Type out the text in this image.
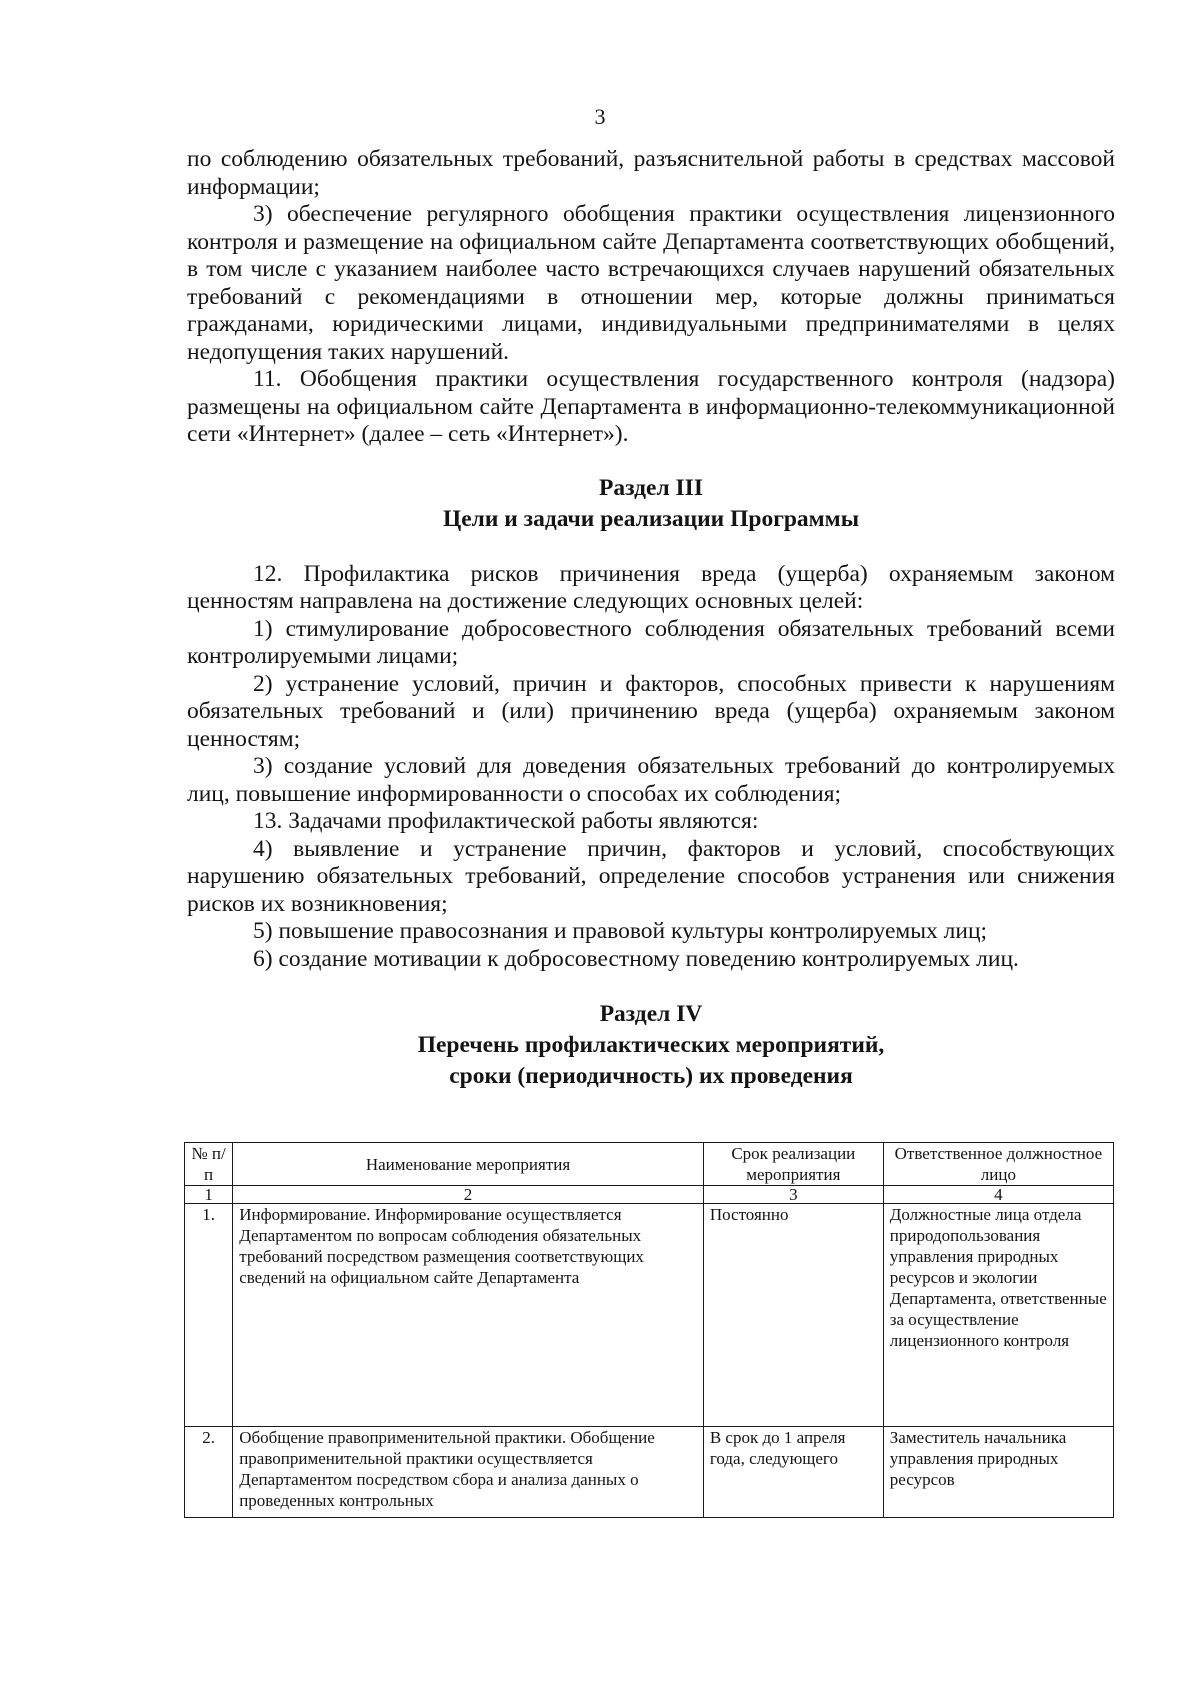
3

по соблюдению обязательных требований, разъяснительной работы в средствах массовой информации;

3) обеспечение регулярного обобщения практики осуществления лицензионного контроля и размещение на официальном сайте Департамента соответствующих обобщений, в том числе с указанием наиболее часто встречающихся случаев нарушений обязательных требований с рекомендациями в отношении мер, которые должны приниматься гражданами, юридическими лицами, индивидуальными предпринимателями в целях недопущения таких нарушений.

11. Обобщения практики осуществления государственного контроля (надзора) размещены на официальном сайте Департамента в информационно-телекоммуникационной сети «Интернет» (далее – сеть «Интернет»).

Раздел III
Цели и задачи реализации Программы

12. Профилактика рисков причинения вреда (ущерба) охраняемым законом ценностям направлена на достижение следующих основных целей:

1) стимулирование добросовестного соблюдения обязательных требований всеми контролируемыми лицами;

2) устранение условий, причин и факторов, способных привести к нарушениям обязательных требований и (или) причинению вреда (ущерба) охраняемым законом ценностям;

3) создание условий для доведения обязательных требований до контролируемых лиц, повышение информированности о способах их соблюдения;

13. Задачами профилактической работы являются:

4) выявление и устранение причин, факторов и условий, способствующих нарушению обязательных требований, определение способов устранения или снижения рисков их возникновения;

5) повышение правосознания и правовой культуры контролируемых лиц;

6) создание мотивации к добросовестному поведению контролируемых лиц.

Раздел IV
Перечень профилактических мероприятий,
сроки (периодичность) их проведения
№ п/п	Наименование мероприятия	Срок реализации мероприятия	Ответственное должностное лицо
1	2	3	4
1.	Информирование. Информирование осуществляется Департаментом по вопросам соблюдения обязательных требований посредством размещения соответствующих сведений на официальном сайте Департамента	Постоянно	Должностные лица отдела природопользования управления природных ресурсов и экологии Департамента, ответственные за осуществление лицензионного контроля
2.	Обобщение правоприменительной практики. Обобщение правоприменительной практики осуществляется Департаментом посредством сбора и анализа данных о проведенных контрольных	В срок до 1 апреля года, следующего	Заместитель начальника управления природных ресурсов
